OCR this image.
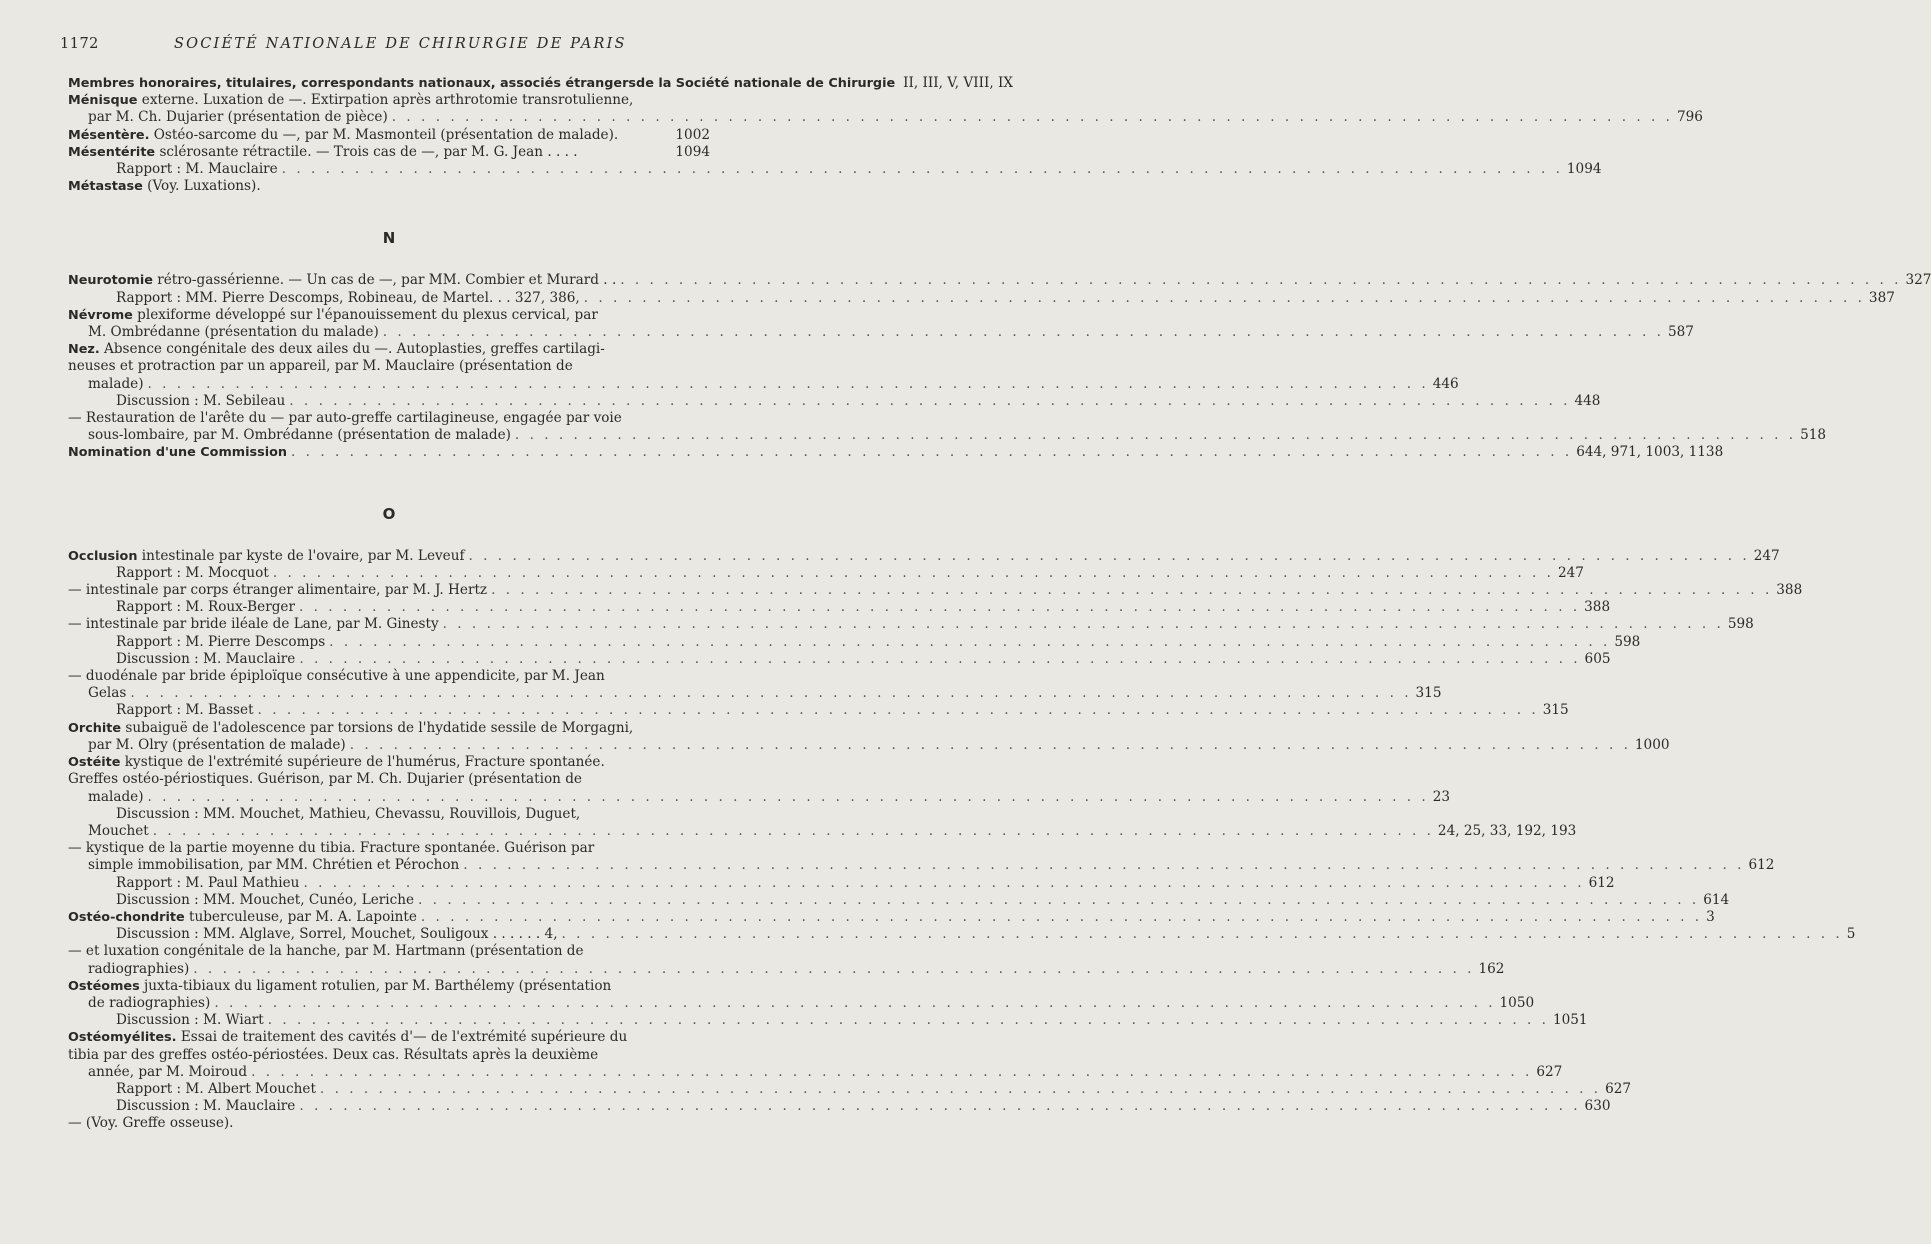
1172	SOCIÉTÉ NATIONALE DE CHIRURGIE DE PARIS
Membres honoraires, titulaires, correspondants nationaux, associés étrangersde la Société nationale de Chirurgie II, III, V, VIII, IX
Ménisque externe. Luxation de —. Extirpation après arthrotomie transrotulienne,
par M. Ch. Dujarier (présentation de pièce) . . .	796
Mésentère. Ostéo-sarcome du —, par M. Masmonteil (présentation de malade).	1002
Mésentérite sclérosante rétractile. — Trois cas de —, par M. G. Jean . . . .	1094
Rapport : M. Mauclaire . . .	1094
Métastase (Voy. Luxations).
N
Neurotomie rétro-gassérienne. — Un cas de —, par MM. Combier et Murard . . . . .	327
Rapport : MM. Pierre Descomps, Robineau, de Martel. . . 327, 386, . . .	387
Névrome plexiforme développé sur l'épanouissement du plexus cervical, par
M. Ombrédanne (présentation du malade) . . .	587
Nez. Absence congénitale des deux ailes du —. Autoplasties, greffes cartilagi-
neuses et protraction par un appareil, par M. Mauclaire (présentation de
malade) . . .	446
Discussion : M. Sebileau . . .	448
— Restauration de l'arête du — par auto-greffe cartilagineuse, engagée par voie
sous-lombaire, par M. Ombrédanne (présentation de malade) . . .	518
Nomination d'une Commission . . .	644, 971, 1003, 1138
O
Occlusion intestinale par kyste de l'ovaire, par M. Leveuf . . .	247
Rapport : M. Mocquot . . .	247
— intestinale par corps étranger alimentaire, par M. J. Hertz . . .	388
Rapport : M. Roux-Berger . . .	388
— intestinale par bride iléale de Lane, par M. Ginesty . . .	598
Rapport : M. Pierre Descomps . . .	598
Discussion : M. Mauclaire . . .	605
— duodénale par bride épiploïque consécutive à une appendicite, par M. Jean
Gelas . . .	315
Rapport : M. Basset . . .	315
Orchite subaiguë de l'adolescence par torsions de l'hydatide sessile de Morgagni,
par M. Olry (présentation de malade) . . .	1000
Ostéite kystique de l'extrémité supérieure de l'humérus, Fracture spontanée.
Greffes ostéo-périostiques. Guérison, par M. Ch. Dujarier (présentation de
malade) . . .	23
Discussion : MM. Mouchet, Mathieu, Chevassu, Rouvillois, Duguet,
Mouchet . . .	24, 25, 33, 192, 193
— kystique de la partie moyenne du tibia. Fracture spontanée. Guérison par
simple immobilisation, par MM. Chrétien et Pérochon . . .	612
Rapport : M. Paul Mathieu . . .	612
Discussion : MM. Mouchet, Cunéo, Leriche . . .	614
Ostéo-chondrite tuberculeuse, par M. A. Lapointe . . .	3
Discussion : MM. Alglave, Sorrel, Mouchet, Souligoux . . . . . . 4, . . .	5
— et luxation congénitale de la hanche, par M. Hartmann (présentation de
radiographies) . . .	162
Ostéomes juxta-tibiaux du ligament rotulien, par M. Barthélemy (présentation
de radiographies) . . .	1050
Discussion : M. Wiart . . .	1051
Ostéomyélites. Essai de traitement des cavités d'— de l'extrémité supérieure du
tibia par des greffes ostéo-périostées. Deux cas. Résultats après la deuxième
année, par M. Moiroud . . .	627
Rapport : M. Albert Mouchet . . .	627
Discussion : M. Mauclaire . . .	630
— (Voy. Greffe osseuse).
